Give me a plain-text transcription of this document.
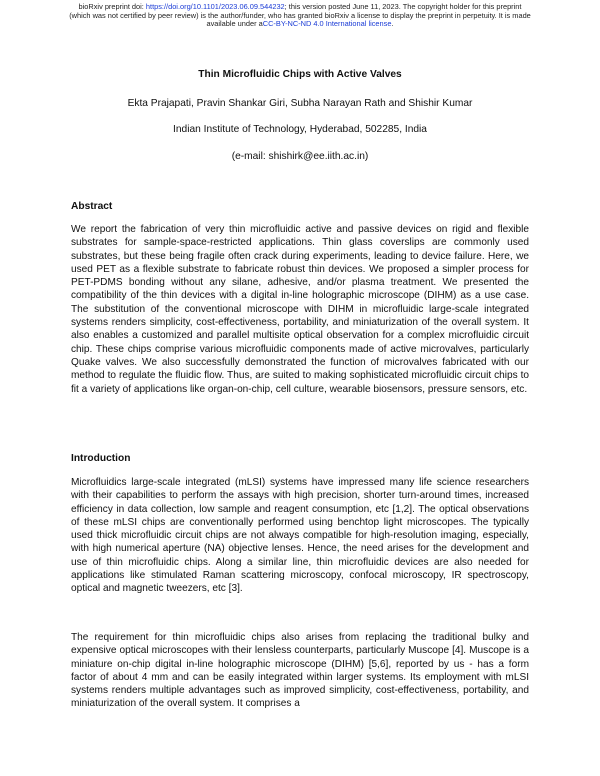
bioRxiv preprint doi: https://doi.org/10.1101/2023.06.09.544232; this version posted June 11, 2023. The copyright holder for this preprint
(which was not certified by peer review) is the author/funder, who has granted bioRxiv a license to display the preprint in perpetuity. It is made
available under aCC-BY-NC-ND 4.0 International license.
Thin Microfluidic Chips with Active Valves

Ekta Prajapati, Pravin Shankar Giri, Subha Narayan Rath and Shishir Kumar

Indian Institute of Technology, Hyderabad, 502285, India

(e-mail: shishirk@ee.iith.ac.in)

Abstract

We report the fabrication of very thin microfluidic active and passive devices on rigid and flexible substrates for sample-space-restricted applications. Thin glass coverslips are commonly used substrates, but these being fragile often crack during experiments, leading to device failure. Here, we used PET as a flexible substrate to fabricate robust thin devices. We proposed a simpler process for PET-PDMS bonding without any silane, adhesive, and/or plasma treatment. We presented the compatibility of the thin devices with a digital in-line holographic microscope (DIHM) as a use case. The substitution of the conventional microscope with DIHM in microfluidic large-scale integrated systems renders simplicity, cost-effectiveness, portability, and miniaturization of the overall system. It also enables a customized and parallel multisite optical observation for a complex microfluidic circuit chip. These chips comprise various microfluidic components made of active microvalves, particularly Quake valves. We also successfully demonstrated the function of microvalves fabricated with our method to regulate the fluidic flow. Thus, are suited to making sophisticated microfluidic circuit chips to fit a variety of applications like organ-on-chip, cell culture, wearable biosensors, pressure sensors, etc.

Introduction

Microfluidics large-scale integrated (mLSI) systems have impressed many life science researchers with their capabilities to perform the assays with high precision, shorter turn-around times, increased efficiency in data collection, low sample and reagent consumption, etc [1,2]. The optical observations of these mLSI chips are conventionally performed using benchtop light microscopes. The typically used thick microfluidic circuit chips are not always compatible for high-resolution imaging, especially, with high numerical aperture (NA) objective lenses. Hence, the need arises for the development and use of thin microfluidic chips. Along a similar line, thin microfluidic devices are also needed for applications like stimulated Raman scattering microscopy, confocal microscopy, IR spectroscopy, optical and magnetic tweezers, etc [3].

The requirement for thin microfluidic chips also arises from replacing the traditional bulky and expensive optical microscopes with their lensless counterparts, particularly Muscope [4]. Muscope is a miniature on-chip digital in-line holographic microscope (DIHM) [5,6], reported by us - has a form factor of about 4 mm and can be easily integrated within larger systems. Its employment with mLSI systems renders multiple advantages such as improved simplicity, cost-effectiveness, portability, and miniaturization of the overall system. It comprises a
